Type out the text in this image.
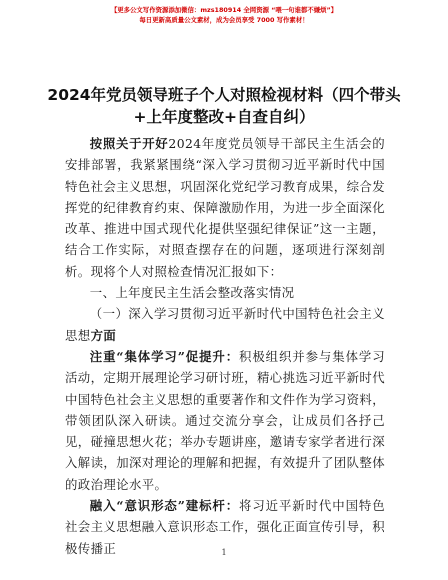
【更多公文写作资源添加微信：mzs180914 全网资源 “喂一句谁都不嫌烦”】
每日更新高质量公文素材，成为会员享受 7000 写作素材！
2024年党员领导班子个人对照检视材料（四个带头+上年度整改+自查自纠）

按照关于开好2024年度党员领导干部民主生活会的安排部署，我紧紧围绕“深入学习贯彻习近平新时代中国特色社会主义思想，巩固深化党纪学习教育成果，综合发挥党的纪律教育约束、保障激励作用，为进一步全面深化改革、推进中国式现代化提供坚强纪律保证”这一主题，结合工作实际，对照查摆存在的问题，逐项进行深刻剖析。现将个人对照检查情况汇报如下：

一、上年度民主生活会整改落实情况

（一）深入学习贯彻习近平新时代中国特色社会主义思想方面

注重“集体学习”促提升：积极组织并参与集体学习活动，定期开展理论学习研讨班，精心挑选习近平新时代中国特色社会主义思想的重要著作和文件作为学习资料，带领团队深入研读。通过交流分享会，让成员们各抒己见，碰撞思想火花；举办专题讲座，邀请专家学者进行深入解读，加深对理论的理解和把握，有效提升了团队整体的政治理论水平。

融入“意识形态”建标杆：将习近平新时代中国特色社会主义思想融入意识形态工作，强化正面宣传引导，积极传播正	1
